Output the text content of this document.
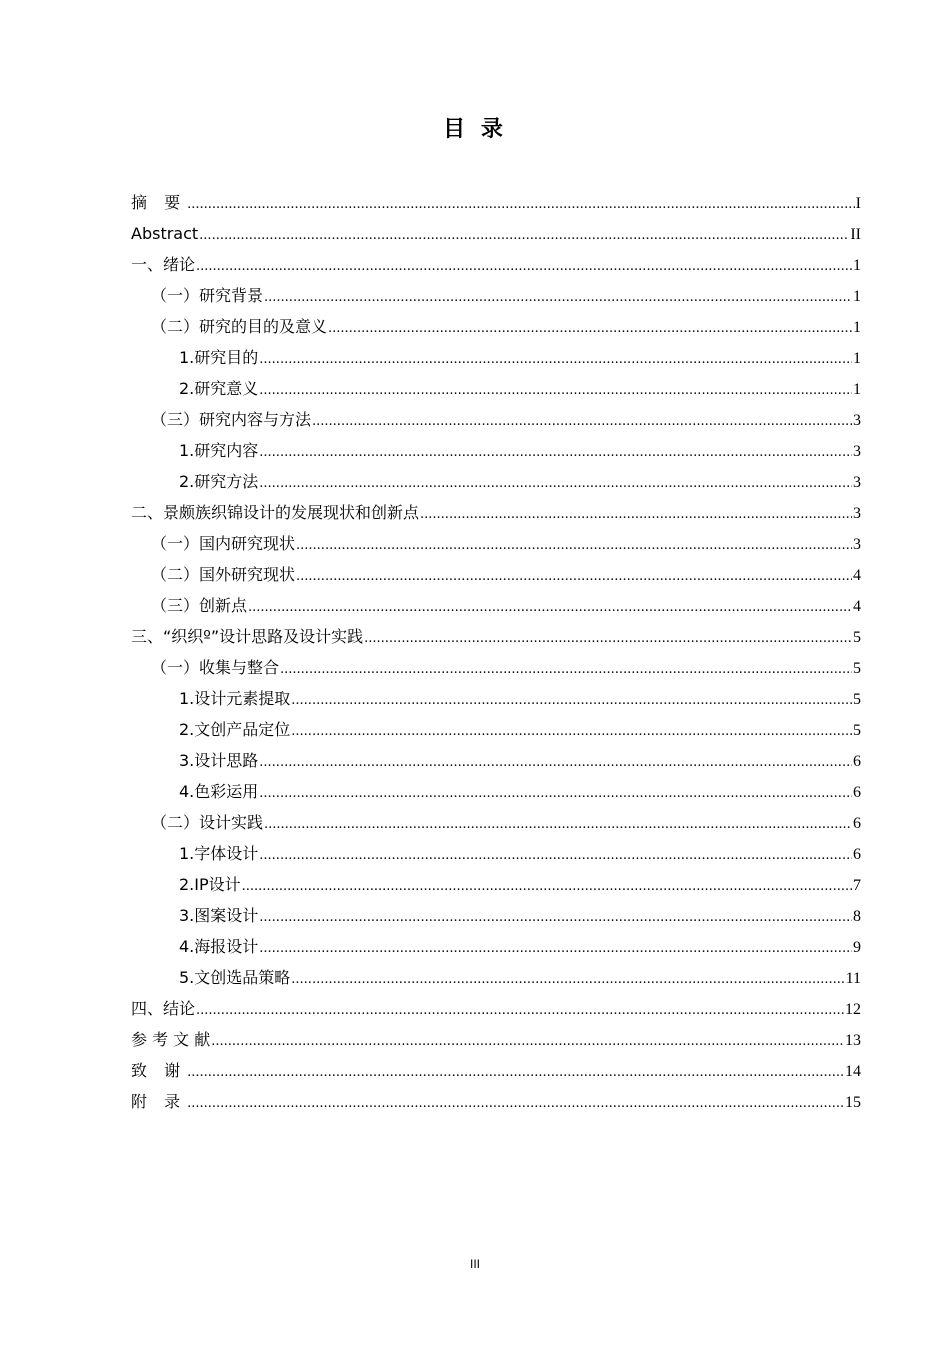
目 录
摘 要 .....	I
Abstract .....	II
一、绪论 .....	1
（一）研究背景 .....	1
（二）研究的目的及意义 .....	1
1.研究目的 .....	1
2.研究意义 .....	1
（三）研究内容与方法 .....	3
1.研究内容 .....	3
2.研究方法 .....	3
二、景颇族织锦设计的发展现状和创新点 .....	3
（一）国内研究现状 .....	3
（二）国外研究现状 .....	4
（三）创新点 .....	4
三、“织织º”设计思路及设计实践 .....	5
（一）收集与整合 .....	5
1.设计元素提取 .....	5
2.文创产品定位 .....	5
3.设计思路 .....	6
4.色彩运用 .....	6
（二）设计实践 .....	6
1.字体设计 .....	6
2.IP设计 .....	7
3.图案设计 .....	8
4.海报设计 .....	9
5.文创选品策略 .....	11
四、结论 .....	12
参 考 文 献 .....	13
致 谢 .....	14
附 录 .....	15
III
